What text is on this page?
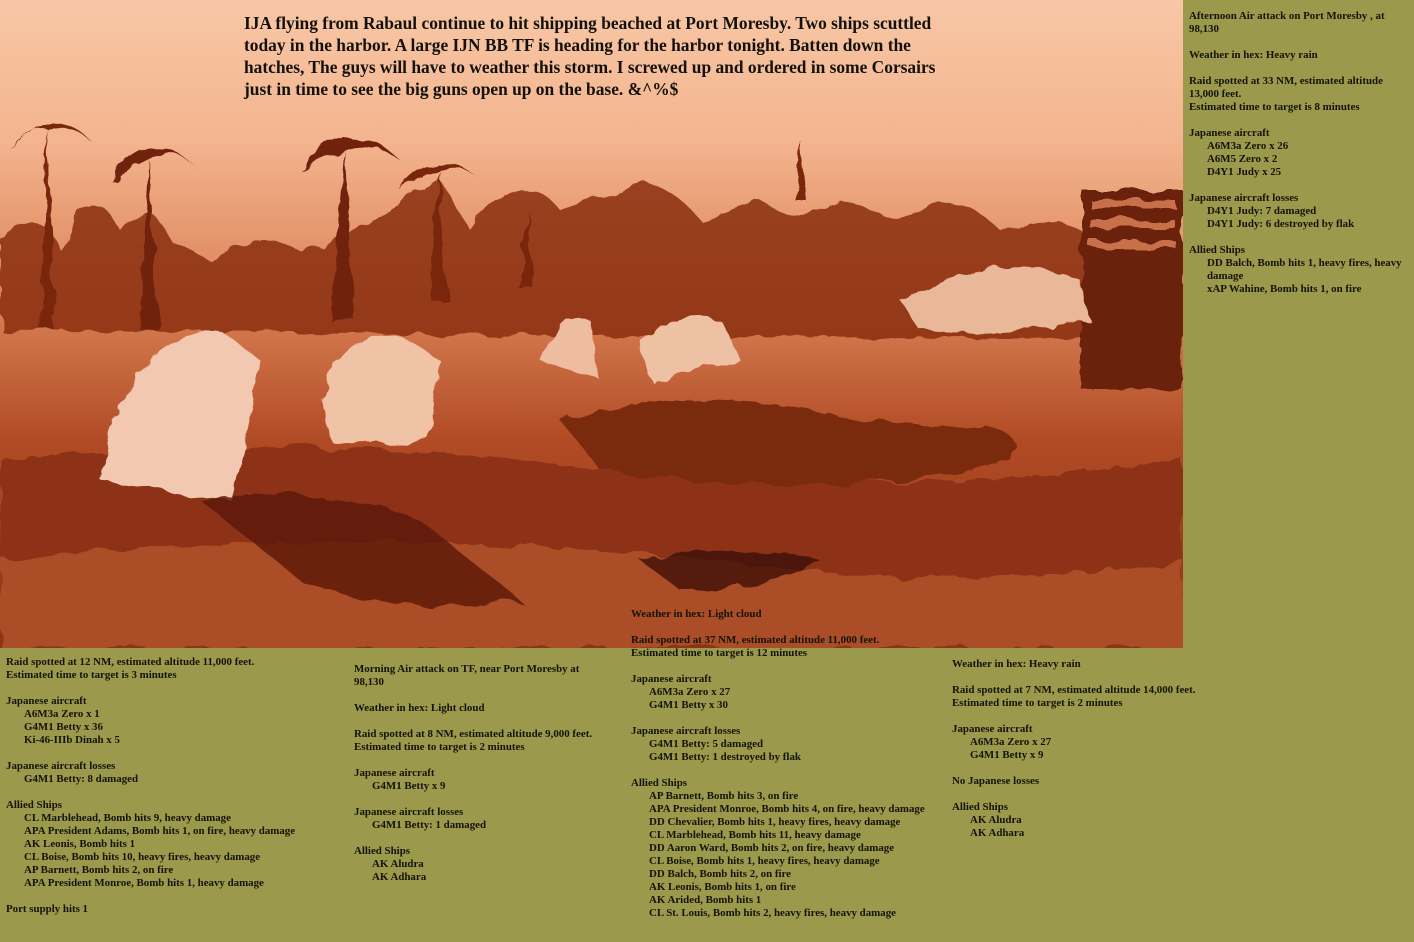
IJA flying from Rabaul continue to hit shipping beached at Port Moresby. Two ships scuttled today in the harbor. A large IJN BB TF is heading for the harbor tonight. Batten down the hatches, The guys will have to weather this storm. I screwed up and ordered in some Corsairs just in time to see the big guns open up on the base. &^%$

Afternoon Air attack on Port Moresby , at 98,130
Weather in hex: Heavy rain
Raid spotted at 33 NM, estimated altitude 13,000 feet.
Estimated time to target is 8 minutes
Japanese aircraft
A6M3a Zero x 26
A6M5 Zero x 2
D4Y1 Judy x 25
Japanese aircraft losses
D4Y1 Judy: 7 damaged
D4Y1 Judy: 6 destroyed by flak
Allied Ships
DD Balch, Bomb hits 1, heavy fires, heavy damage
xAP Wahine, Bomb hits 1, on fire
Raid spotted at 12 NM, estimated altitude 11,000 feet.
Estimated time to target is 3 minutes
Japanese aircraft
A6M3a Zero x 1
G4M1 Betty x 36
Ki-46-IIIb Dinah x 5
Japanese aircraft losses
G4M1 Betty: 8 damaged
Allied Ships
CL Marblehead, Bomb hits 9, heavy damage
APA President Adams, Bomb hits 1, on fire, heavy damage
AK Leonis, Bomb hits 1
CL Boise, Bomb hits 10, heavy fires, heavy damage
AP Barnett, Bomb hits 2, on fire
APA President Monroe, Bomb hits 1, heavy damage
Port supply hits 1
Morning Air attack on TF, near Port Moresby at 98,130
Weather in hex: Light cloud
Raid spotted at 8 NM, estimated altitude 9,000 feet.
Estimated time to target is 2 minutes
Japanese aircraft
G4M1 Betty x 9
Japanese aircraft losses
G4M1 Betty: 1 damaged
Allied Ships
AK Aludra
AK Adhara
Weather in hex: Light cloud
Raid spotted at 37 NM, estimated altitude 11,000 feet.
Estimated time to target is 12 minutes
Japanese aircraft
A6M3a Zero x 27
G4M1 Betty x 30
Japanese aircraft losses
G4M1 Betty: 5 damaged
G4M1 Betty: 1 destroyed by flak
Allied Ships
AP Barnett, Bomb hits 3, on fire
APA President Monroe, Bomb hits 4, on fire, heavy damage
DD Chevalier, Bomb hits 1, heavy fires, heavy damage
CL Marblehead, Bomb hits 11, heavy damage
DD Aaron Ward, Bomb hits 2, on fire, heavy damage
CL Boise, Bomb hits 1, heavy fires, heavy damage
DD Balch, Bomb hits 2, on fire
AK Leonis, Bomb hits 1, on fire
AK Arided, Bomb hits 1
CL St. Louis, Bomb hits 2, heavy fires, heavy damage
Weather in hex: Heavy rain
Raid spotted at 7 NM, estimated altitude 14,000 feet.
Estimated time to target is 2 minutes
Japanese aircraft
A6M3a Zero x 27
G4M1 Betty x 9
No Japanese losses
Allied Ships
AK Aludra
AK Adhara
